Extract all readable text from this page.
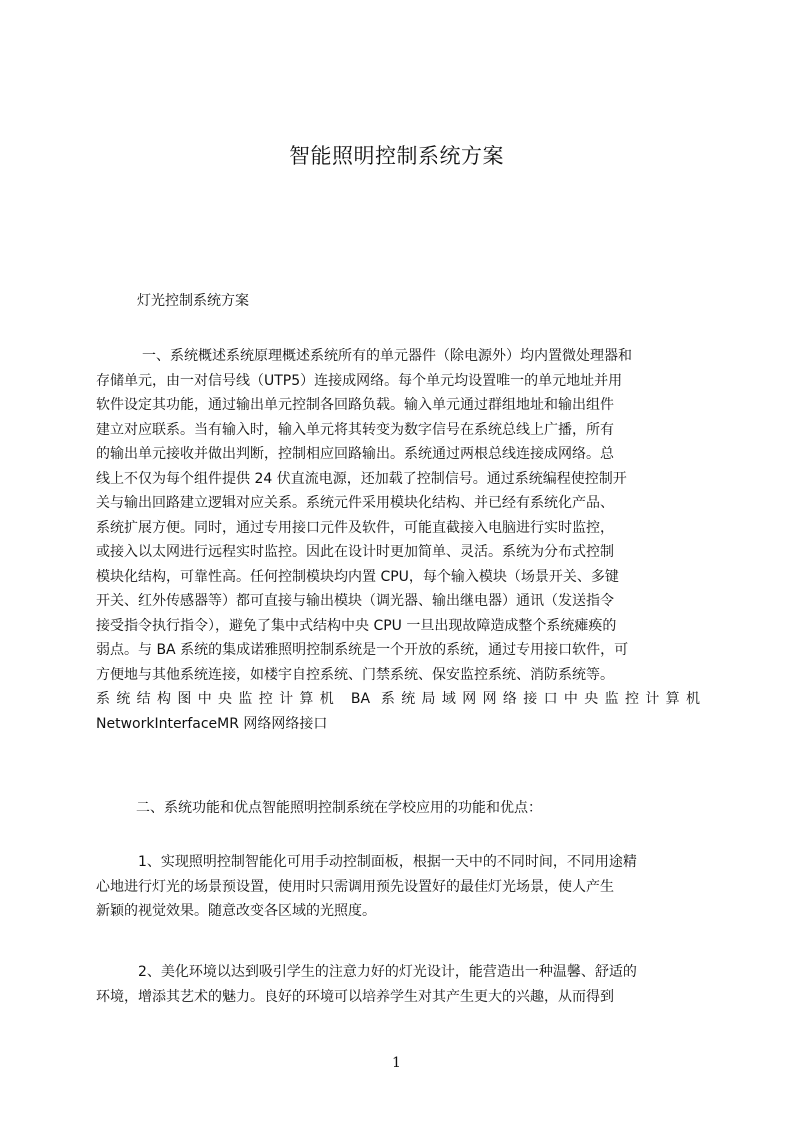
智能照明控制系统方案
灯光控制系统方案
一、系统概述系统原理概述系统所有的单元器件（除电源外）均内置微处理器和
存储单元，由一对信号线（UTP5）连接成网络。每个单元均设置唯一的单元地址并用
软件设定其功能，通过输出单元控制各回路负载。输入单元通过群组地址和输出组件
建立对应联系。当有输入时，输入单元将其转变为数字信号在系统总线上广播，所有
的输出单元接收并做出判断，控制相应回路输出。系统通过两根总线连接成网络。总
线上不仅为每个组件提供 24 伏直流电源，还加载了控制信号。通过系统编程使控制开
关与输出回路建立逻辑对应关系。系统元件采用模块化结构、并已经有系统化产品、
系统扩展方便。同时，通过专用接口元件及软件，可能直截接入电脑进行实时监控，
或接入以太网进行远程实时监控。因此在设计时更加简单、灵活。系统为分布式控制
模块化结构，可靠性高。任何控制模块均内置 CPU，每个输入模块（场景开关、多键
开关、红外传感器等）都可直接与输出模块（调光器、输出继电器）通讯（发送指令
接受指令执行指令），避免了集中式结构中央 CPU 一旦出现故障造成整个系统瘫痪的
弱点。与 BA 系统的集成诺雅照明控制系统是一个开放的系统，通过专用接口软件，可
方便地与其他系统连接，如楼宇自控系统、门禁系统、保安监控系统、消防系统等。
系统结构图中央监控计算机 BA 系统局域网网络接口中央监控计算机
NetworkInterfaceMR 网络网络接口
二、系统功能和优点智能照明控制系统在学校应用的功能和优点：
1、实现照明控制智能化可用手动控制面板，根据一天中的不同时间，不同用途精
心地进行灯光的场景预设置，使用时只需调用预先设置好的最佳灯光场景，使人产生
新颖的视觉效果。随意改变各区域的光照度。
2、美化环境以达到吸引学生的注意力好的灯光设计，能营造出一种温馨、舒适的
环境，增添其艺术的魅力。良好的环境可以培养学生对其产生更大的兴趣，从而得到
1
